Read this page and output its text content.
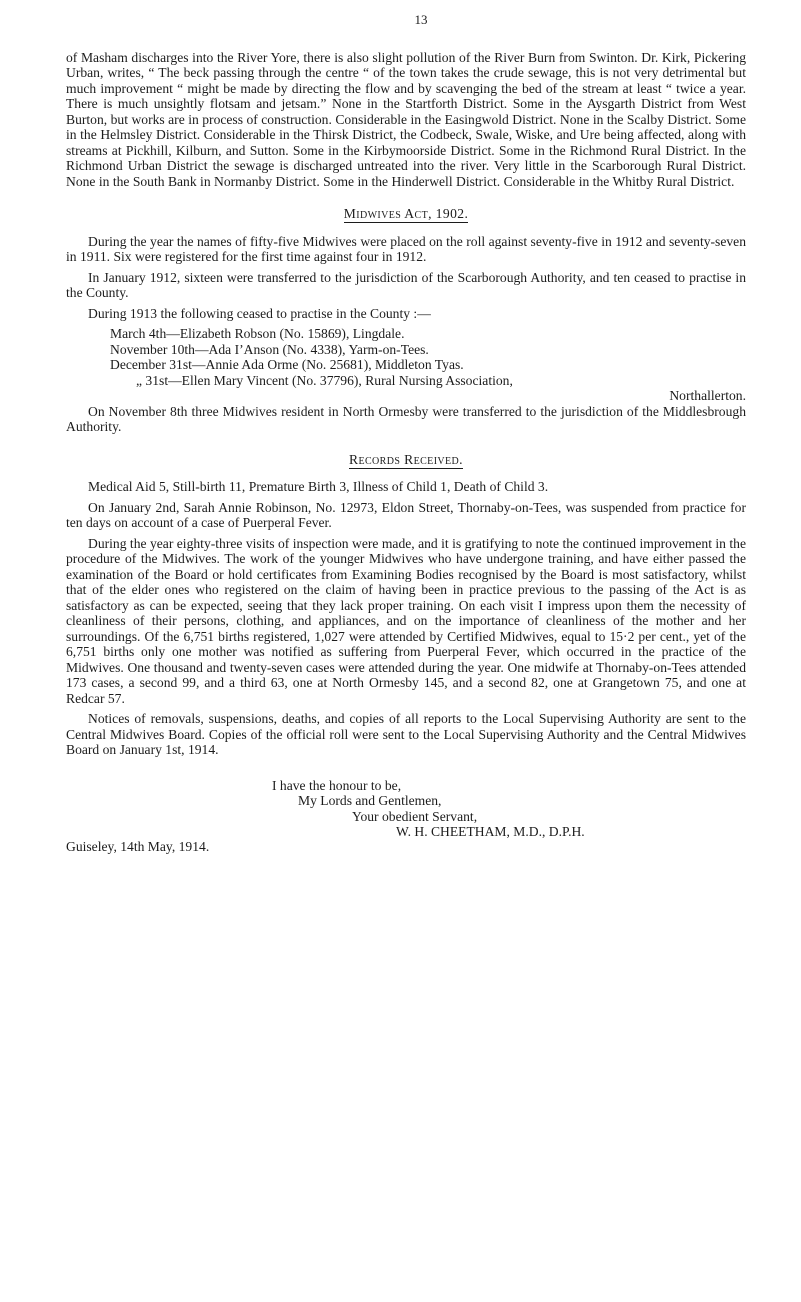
13

of Masham discharges into the River Yore, there is also slight pollution of the River Burn from Swinton. Dr. Kirk, Pickering Urban, writes, “ The beck passing through the centre “ of the town takes the crude sewage, this is not very detrimental but much improvement “ might be made by directing the flow and by scavenging the bed of the stream at least “ twice a year. There is much unsightly flotsam and jetsam.” None in the Startforth District. Some in the Aysgarth District from West Burton, but works are in process of construction. Considerable in the Easingwold District. None in the Scalby District. Some in the Helmsley District. Considerable in the Thirsk District, the Codbeck, Swale, Wiske, and Ure being affected, along with streams at Pickhill, Kilburn, and Sutton. Some in the Kirbymoorside District. Some in the Richmond Rural District. In the Richmond Urban District the sewage is discharged untreated into the river. Very little in the Scarborough Rural District. None in the South Bank in Normanby District. Some in the Hinderwell District. Considerable in the Whitby Rural District.

Midwives Act, 1902.

During the year the names of fifty-five Midwives were placed on the roll against seventy-five in 1912 and seventy-seven in 1911. Six were registered for the first time against four in 1912.

In January 1912, sixteen were transferred to the jurisdiction of the Scarborough Authority, and ten ceased to practise in the County.

During 1913 the following ceased to practise in the County :—

March 4th—Elizabeth Robson (No. 15869), Lingdale.
November 10th—Ada I’Anson (No. 4338), Yarm-on-Tees.
December 31st—Annie Ada Orme (No. 25681), Middleton Tyas.
„ 31st—Ellen Mary Vincent (No. 37796), Rural Nursing Association,
Northallerton.

On November 8th three Midwives resident in North Ormesby were transferred to the jurisdiction of the Middlesbrough Authority.

Records Received.

Medical Aid 5, Still-birth 11, Premature Birth 3, Illness of Child 1, Death of Child 3.

On January 2nd, Sarah Annie Robinson, No. 12973, Eldon Street, Thornaby-on-Tees, was suspended from practice for ten days on account of a case of Puerperal Fever.

During the year eighty-three visits of inspection were made, and it is gratifying to note the continued improvement in the procedure of the Midwives. The work of the younger Midwives who have undergone training, and have either passed the examination of the Board or hold certificates from Examining Bodies recognised by the Board is most satisfactory, whilst that of the elder ones who registered on the claim of having been in practice previous to the passing of the Act is as satisfactory as can be expected, seeing that they lack proper training. On each visit I impress upon them the necessity of cleanliness of their persons, clothing, and appliances, and on the importance of cleanliness of the mother and her surroundings. Of the 6,751 births registered, 1,027 were attended by Certified Midwives, equal to 15·2 per cent., yet of the 6,751 births only one mother was notified as suffering from Puerperal Fever, which occurred in the practice of the Midwives. One thousand and twenty-seven cases were attended during the year. One midwife at Thornaby-on-Tees attended 173 cases, a second 99, and a third 63, one at North Ormesby 145, and a second 82, one at Grangetown 75, and one at Redcar 57.

Notices of removals, suspensions, deaths, and copies of all reports to the Local Supervising Authority are sent to the Central Midwives Board. Copies of the official roll were sent to the Local Supervising Authority and the Central Midwives Board on January 1st, 1914.

I have the honour to be,
My Lords and Gentlemen,
Your obedient Servant,
W. H. CHEETHAM, M.D., D.P.H.
Guiseley, 14th May, 1914.
